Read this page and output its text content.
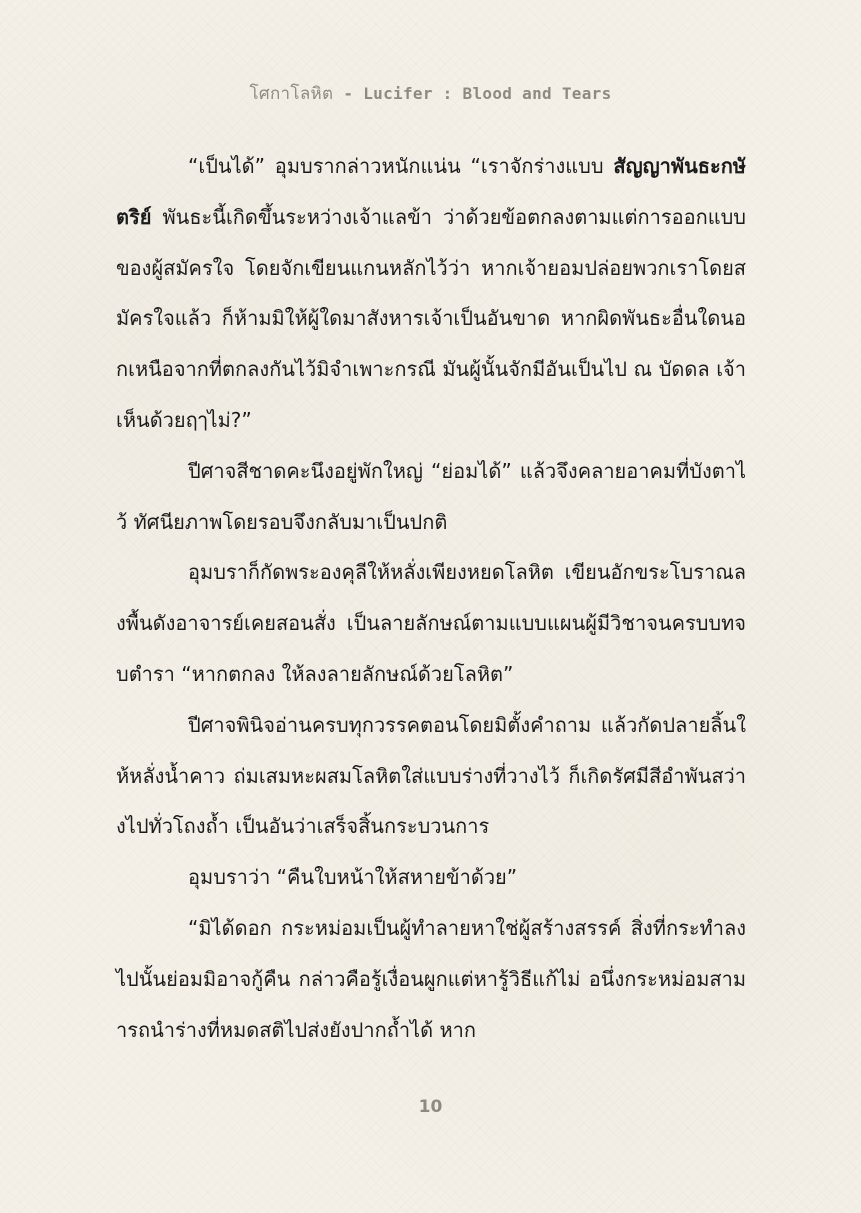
โศกาโลหิต - Lucifer : Blood and Tears

“เป็นได้” อุมบรากล่าวหนักแน่น “เราจักร่างแบบ สัญญาพันธะกษัตริย์ พันธะนี้เกิดขึ้นระหว่างเจ้าแลข้า ว่าด้วยข้อตกลงตามแต่การออกแบบของผู้สมัครใจ โดยจักเขียนแกนหลักไว้ว่า หากเจ้ายอมปล่อยพวกเราโดยสมัครใจแล้ว ก็ห้ามมิให้ผู้ใดมาสังหารเจ้าเป็นอันขาด หากผิดพันธะอื่นใดนอกเหนือจากที่ตกลงกันไว้มิจำเพาะกรณี มันผู้นั้นจักมีอันเป็นไป ณ บัดดล เจ้าเห็นด้วยฤๅไม่?”

ปีศาจสีชาดคะนึงอยู่พักใหญ่ “ย่อมได้” แล้วจึงคลายอาคมที่บังตาไว้ ทัศนียภาพโดยรอบจึงกลับมาเป็นปกติ

อุมบราก็กัดพระองคุลีให้หลั่งเพียงหยดโลหิต เขียนอักขระโบราณลงพื้นดังอาจารย์เคยสอนสั่ง เป็นลายลักษณ์ตามแบบแผนผู้มีวิชาจนครบบทจบตำรา “หากตกลง ให้ลงลายลักษณ์ด้วยโลหิต”

ปีศาจพินิจอ่านครบทุกวรรคตอนโดยมิตั้งคำถาม แล้วกัดปลายลิ้นให้หลั่งน้ำคาว ถ่มเสมหะผสมโลหิตใส่แบบร่างที่วางไว้ ก็เกิดรัศมีสีอำพันสว่างไปทั่วโถงถ้ำ เป็นอันว่าเสร็จสิ้นกระบวนการ

อุมบราว่า “คืนใบหน้าให้สหายข้าด้วย”

“มิได้ดอก กระหม่อมเป็นผู้ทำลายหาใช่ผู้สร้างสรรค์ สิ่งที่กระทำลงไปนั้นย่อมมิอาจกู้คืน กล่าวคือรู้เงื่อนผูกแต่หารู้วิธีแก้ไม่ อนึ่งกระหม่อมสามารถนำร่างที่หมดสติไปส่งยังปากถ้ำได้ หาก

10
